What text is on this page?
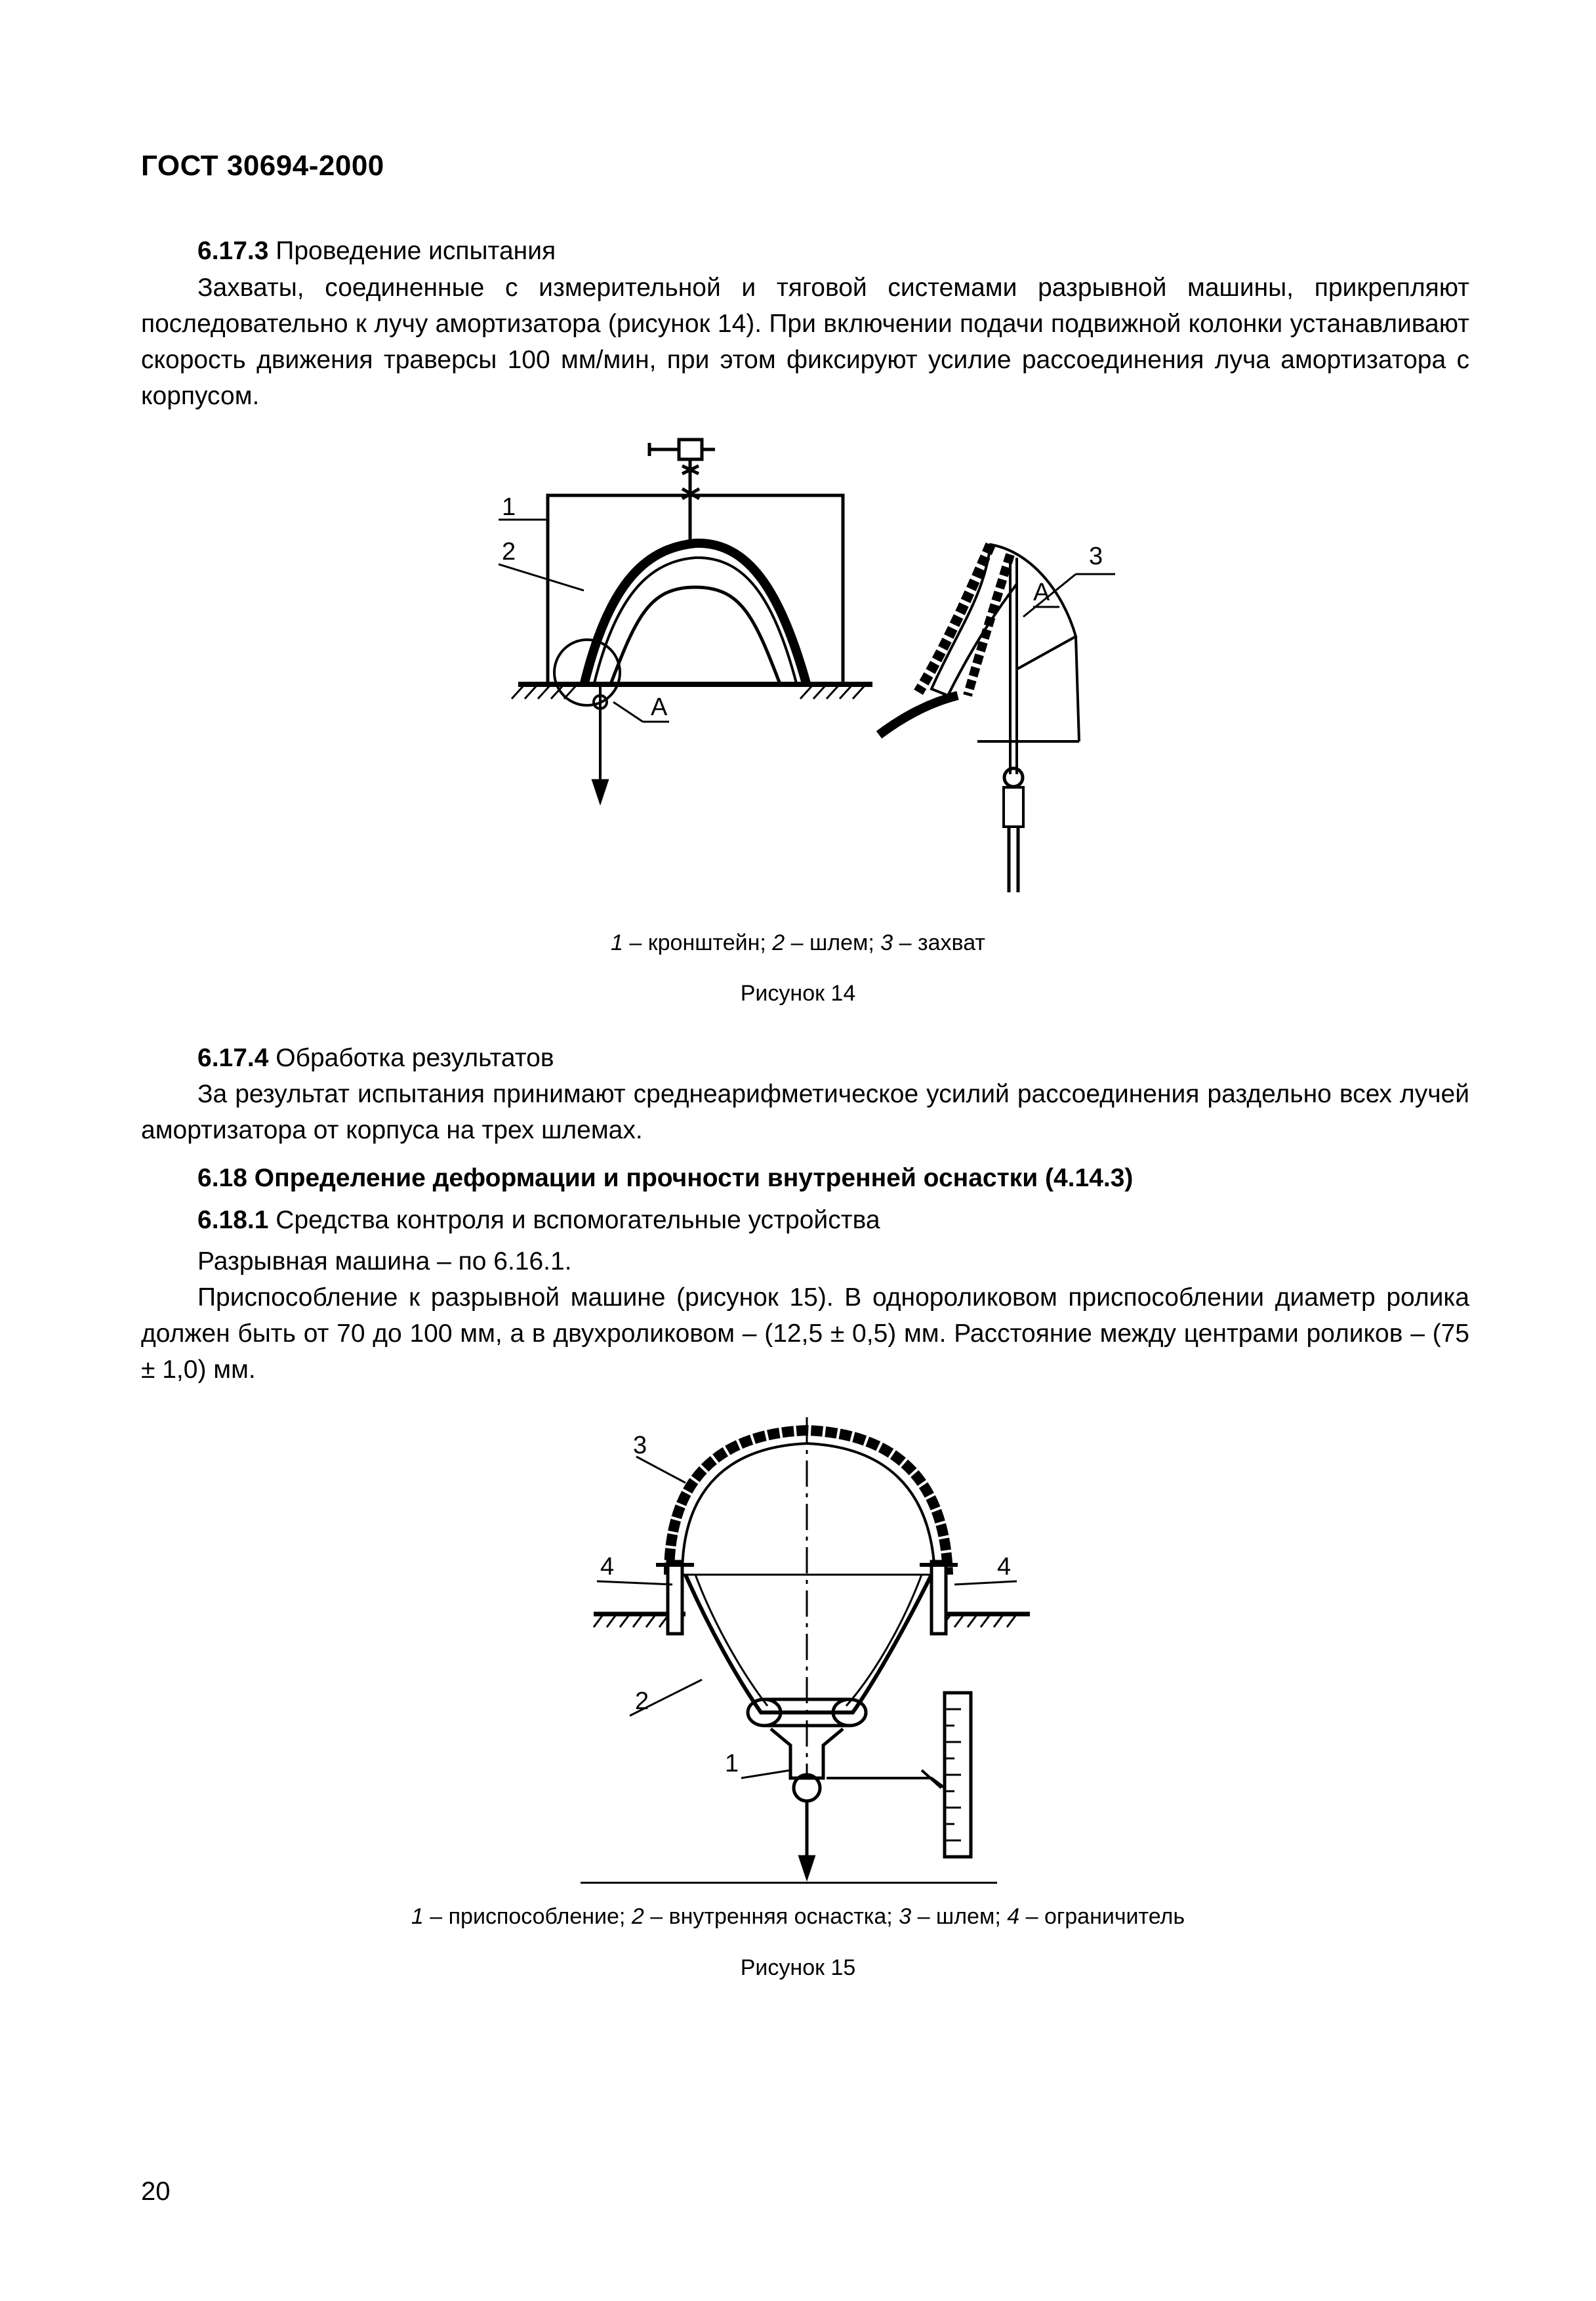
ГОСТ 30694-2000
6.17.3 Проведение испытания
Захваты, соединенные с измерительной и тяговой системами разрывной машины, прикрепляют последовательно к лучу амортизатора (рисунок 14). При включении подачи подвижной колонки устанавливают скорость движения траверсы 100 мм/мин, при этом фиксируют усилие рассоединения луча амортизатора с корпусом.
1
2
A
A
3
1 – кронштейн; 2 – шлем; 3 – захват
Рисунок 14
6.17.4 Обработка результатов
За результат испытания принимают среднеарифметическое усилий рассоединения раздельно всех лучей амортизатора от корпуса на трех шлемах.
6.18 Определение деформации и прочности внутренней оснастки (4.14.3)
6.18.1 Средства контроля и вспомогательные устройства
Разрывная машина – по 6.16.1.
Приспособление к разрывной машине (рисунок 15). В однороликовом приспособлении диаметр ролика должен быть от 70 до 100 мм, а в двухроликовом – (12,5 ± 0,5) мм. Расстояние между центрами роликов – (75 ± 1,0) мм.
3
4	4
2
1
1 – приспособление; 2 – внутренняя оснастка; 3 – шлем; 4 – ограничитель
Рисунок 15
20
